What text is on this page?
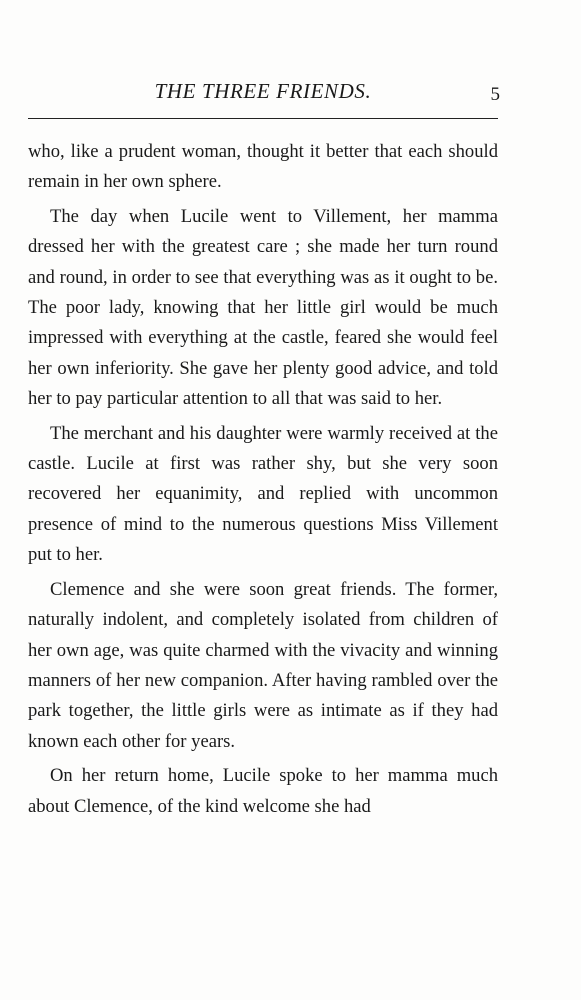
THE THREE FRIENDS.	5

who, like a prudent woman, thought it better that each should remain in her own sphere.

The day when Lucile went to Villement, her mamma dressed her with the greatest care ; she made her turn round and round, in order to see that everything was as it ought to be. The poor lady, knowing that her little girl would be much impressed with everything at the castle, feared she would feel her own inferiority. She gave her plenty good advice, and told her to pay particular attention to all that was said to her.

The merchant and his daughter were warmly received at the castle. Lucile at first was rather shy, but she very soon recovered her equanimity, and replied with uncommon presence of mind to the numerous questions Miss Villement put to her.

Clemence and she were soon great friends. The former, naturally indolent, and completely isolated from children of her own age, was quite charmed with the vivacity and winning manners of her new companion. After having rambled over the park together, the little girls were as intimate as if they had known each other for years.

On her return home, Lucile spoke to her mamma much about Clemence, of the kind welcome she had
